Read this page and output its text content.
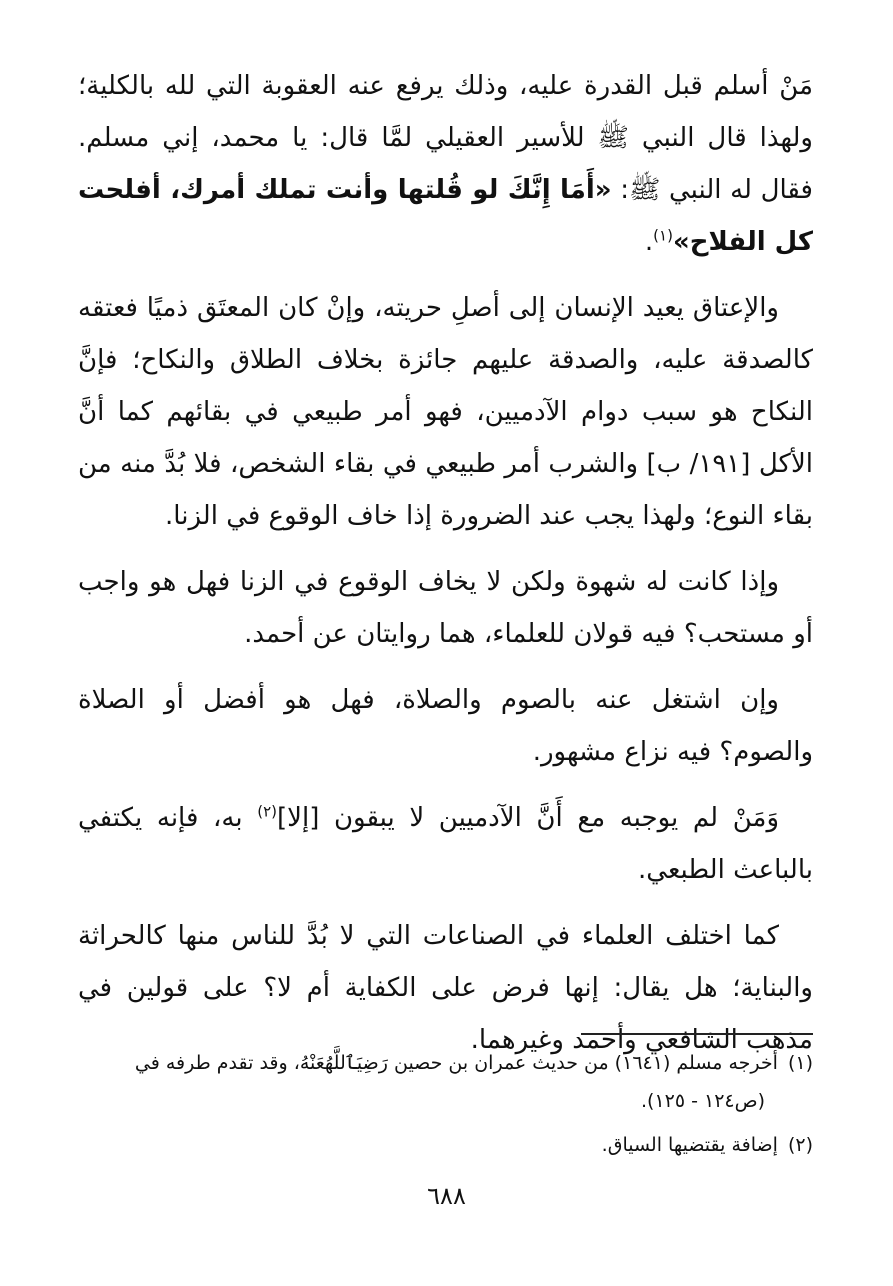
مَنْ أسلم قبل القدرة عليه، وذلك يرفع عنه العقوبة التي لله بالكلية؛ ولهذا قال النبي ﷺ للأسير العقيلي لمَّا قال: يا محمد، إني مسلم. فقال له النبي ﷺ: «أَمَا إِنَّكَ لو قُلتها وأنت تملك أمرك، أفلحت كل الفلاح»$^{(١)}$.

والإعتاق يعيد الإنسان إلى أصلِ حريته، وإنْ كان المعتَق ذميًا فعتقه كالصدقة عليه، والصدقة عليهم جائزة بخلاف الطلاق والنكاح؛ فإنَّ النكاح هو سبب دوام الآدميين، فهو أمر طبيعي في بقائهم كما أنَّ الأكل [١٩١/ ب] والشرب أمر طبيعي في بقاء الشخص، فلا بُدَّ منه من بقاء النوع؛ ولهذا يجب عند الضرورة إذا خاف الوقوع في الزنا.

وإذا كانت له شهوة ولكن لا يخاف الوقوع في الزنا فهل هو واجب أو مستحب؟ فيه قولان للعلماء، هما روايتان عن أحمد.

وإن اشتغل عنه بالصوم والصلاة، فهل هو أفضل أو الصلاة والصوم؟ فيه نزاع مشهور.

وَمَنْ لم يوجبه مع أَنَّ الآدميين لا يبقون [إلا]$^{(٢)}$ به، فإنه يكتفي بالباعث الطبعي.

كما اختلف العلماء في الصناعات التي لا بُدَّ للناس منها كالحراثة والبناية؛ هل يقال: إنها فرض على الكفاية أم لا؟ على قولين في مذهب الشافعي وأحمد وغيرهما.

(١)أخرجه مسلم (١٦٤١) من حديث عمران بن حصين رَضِيَٱللَّهُعَنْهُ، وقد تقدم طرفه في
(ص١٢٤ - ١٢٥).

(٢)إضافة يقتضيها السياق.

٦٨٨
